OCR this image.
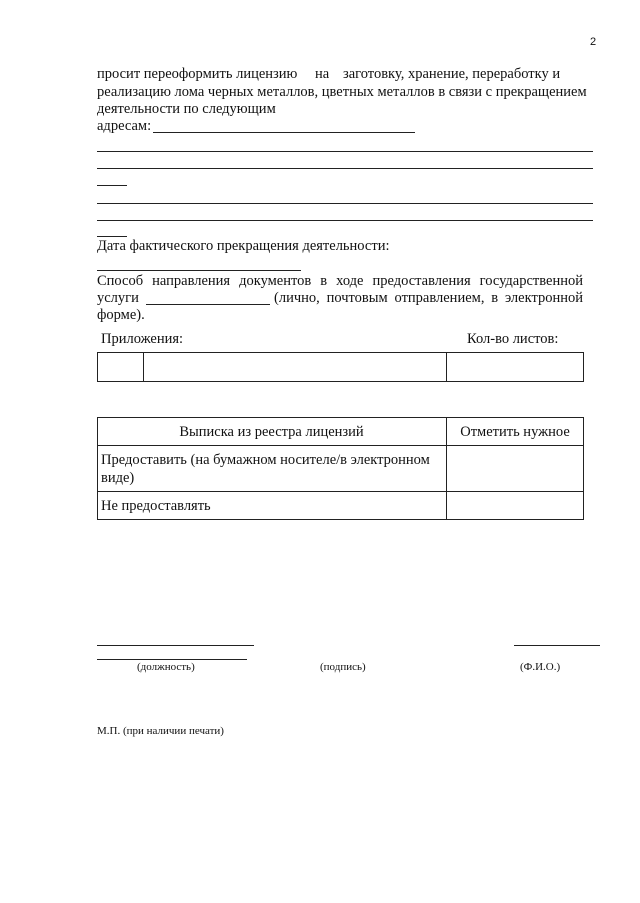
2
просит переоформить лицензию на заготовку, хранение, переработку и
реализацию лома черных металлов, цветных металлов в связи с прекращением
деятельности по следующим
адресам:
Дата фактического прекращения деятельности:
Способ направления документов в ходе предоставления государственной
услуги	(лично, почтовым отправлением, в электронной
форме).
Приложения:	Кол-во листов:
Выписка из реестра лицензий	Отметить нужное
Предоставить (на бумажном носителе/в электронном виде)
Не предоставлять
(должность)	(подпись)	(Ф.И.О.)
М.П. (при наличии печати)
